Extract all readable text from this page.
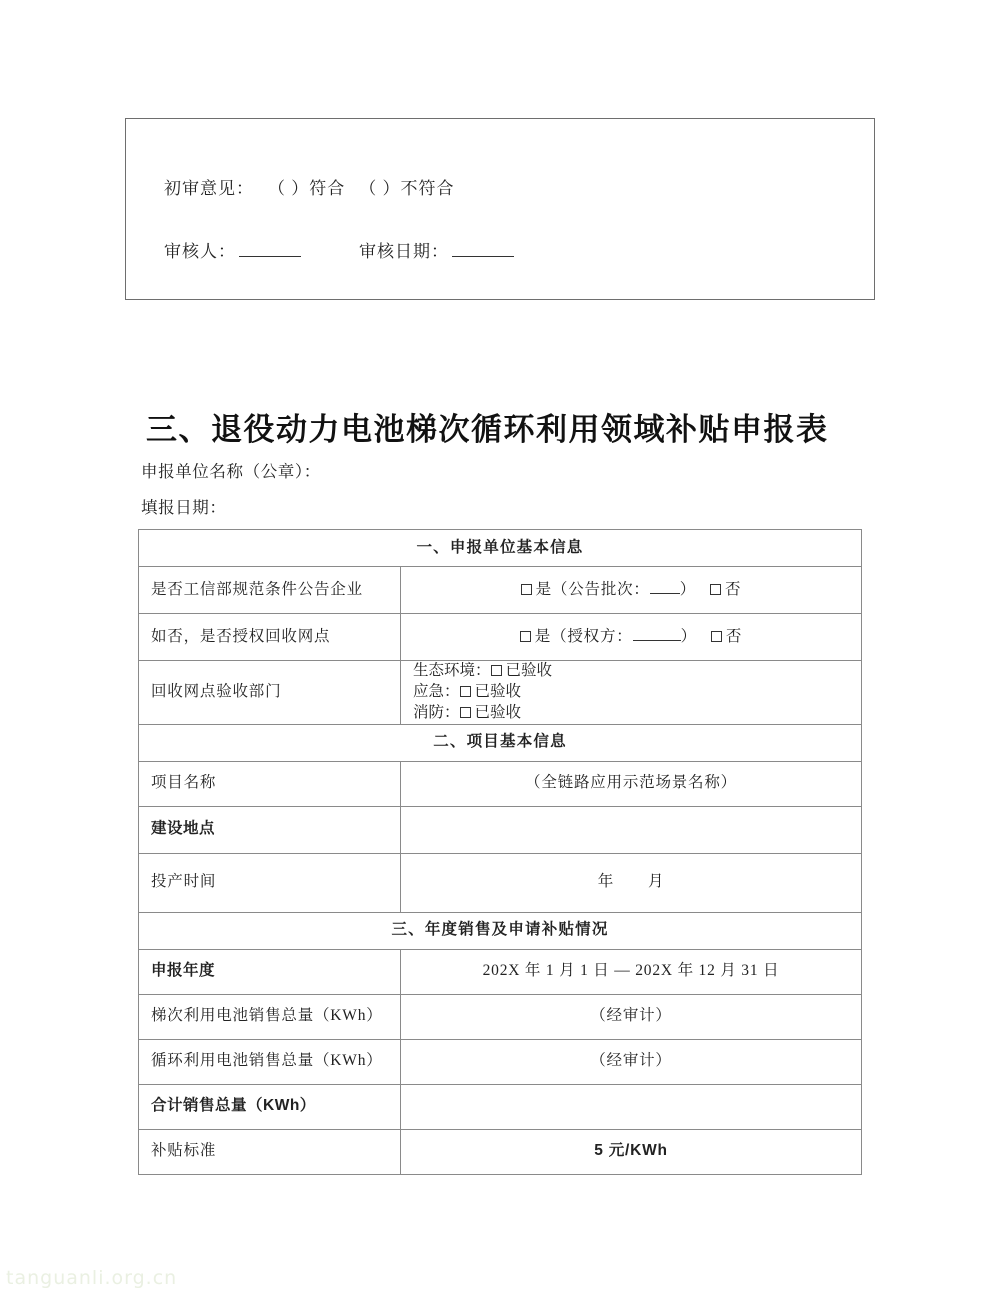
初审意见： （ ）符合 （ ）不符合
审核人：	审核日期：
三、退役动力电池梯次循环利用领域补贴申报表
申报单位名称（公章）：
填报日期：
一、申报单位基本信息	
是否工信部规范条件公告企业	是（公告批次： ） 否
如否，是否授权回收网点	是（授权方： ） 否
回收网点验收部门	生态环境： 已验收
应急： 已验收
消防： 已验收

二、项目基本信息	
项目名称	（全链路应用示范场景名称）
建设地点	
投产时间	年 月
三、年度销售及申请补贴情况	
申报年度	202X 年 1 月 1 日 — 202X 年 12 月 31 日
梯次利用电池销售总量（KWh）	（经审计）
循环利用电池销售总量（KWh）	（经审计）
合计销售总量（KWh）	
补贴标准	5 元/KWh
tanguanli.org.cn
